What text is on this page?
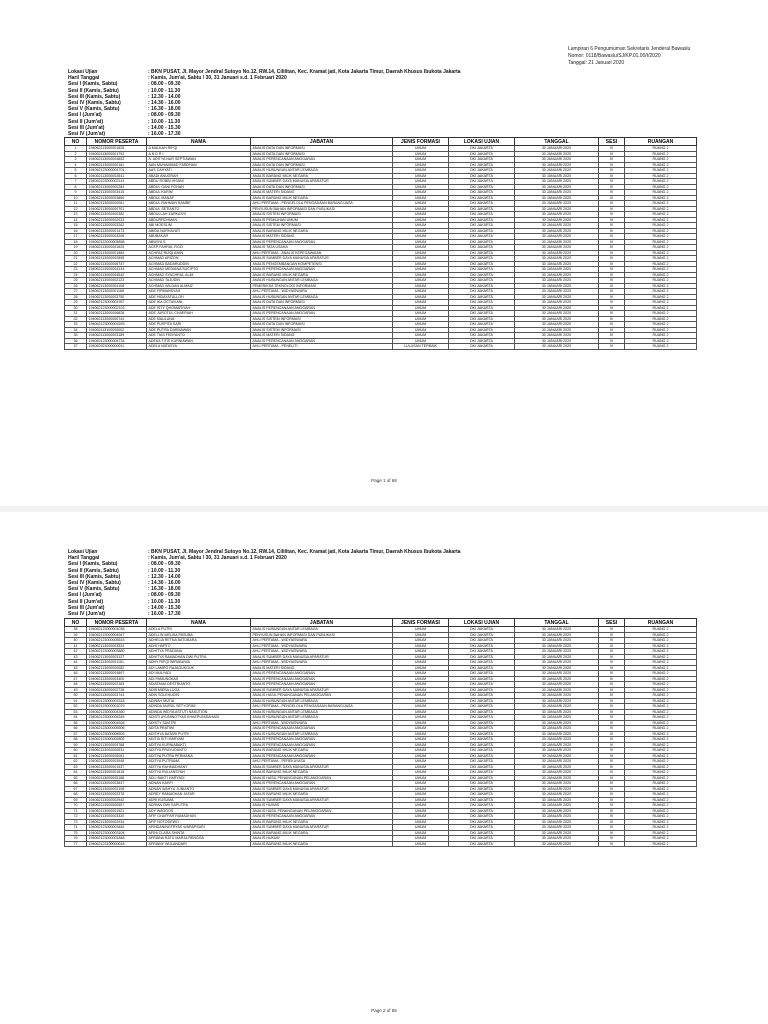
Lampiran 6 Pengumuman Sekretaris Jenderal Bawaslu
Nomor: 0118/Bawaslu/SJ/KP.01.00/I/2020
Tanggal: 21 Januari 2020
Lokasi Ujian	: BKN PUSAT, Jl. Mayor Jendral Sutoyo No.12, RW.14, Cililitan, Kec. Kramat jati, Kota Jakarta Timur, Daerah Khusus Ibukota Jakarta
Hari/ Tanggal	: Kamis, Jum'at, Sabtu / 30, 31 Januari s.d. 1 Februari 2020
Sesi I (Kamis, Sabtu)	: 08.00 - 09.30
Sesi II (Kamis, Sabtu)	: 10.00 - 11.30
Sesi III (Kamis, Sabtu)	: 12.30 - 14.00
Sesi IV (Kamis, Sabtu)	: 14.30 - 16.00
Sesi V (Kamis, Sabtu)	: 16.30 - 18.00
Sesi I (Jum'at)	: 08.00 - 09.30
Sesi II (Jum'at)	: 10.00 - 11.30
Sesi III (Jum'at)	: 14.00 - 15.30
Sesi IV (Jum'at)	: 16.00 - 17.30
NO	NOMOR PESERTA	NAMA	JABATAN	JENIS FORMASI	LOKASI UJIAN	TANGGAL	SESI	RUANGAN
1	194062113000001826	A MAULAH RIFQI	ANALIS DATA DAN INFORMASI	UMUM	DKI JAKARTA	30 JANUARI 2020	IV	RUANG 2
2	194062113000001792	A N D R I	ANALIS DATA DAN INFORMASI	UMUM	DKI JAKARTA	30 JANUARI 2020	IV	RUANG 2
3	194062113000004853	A. ADITYA NUR SEPTIAWAN	ANALIS PERENCANAAN ANGGARAN	UMUM	DKI JAKARTA	30 JANUARI 2020	IV	RUANG 2
4	194062113000000181	AAN MUHAMMAD FARDHAN	ANALIS DATA DAN INFORMASI	UMUM	DKI JAKARTA	30 JANUARI 2020	IV	RUANG 2
5	194062123000001701	AAS CAHYATI	ANALIS HUBUNGAN ANTAR LEMBAGA	UMUM	DKI JAKARTA	30 JANUARI 2020	IV	RUANG 2
6	194062113000002841	ABADI ANUGRAH	ANALIS BARANG MILIK NEGARA	UMUM	DKI JAKARTA	30 JANUARI 2020	IV	RUANG 2
7	194062123000002141	ABDU ROBBI IHSANI	ANALIS SUMBER DAYA MANUSIA APARATUR	UMUM	DKI JAKARTA	30 JANUARI 2020	IV	RUANG 2
8	194062113000000284	ABDUL GANI FOHAN	ANALIS DATA DAN INFORMASI	UMUM	DKI JAKARTA	30 JANUARI 2020	IV	RUANG 2
9	194062113000003415	ABDUL KARIM	ANALIS MATERI SIDANG	UMUM	DKI JAKARTA	30 JANUARI 2020	IV	RUANG 2
10	194062113000003869	ABDUL MANAF	ANALIS BARANG MILIK NEGARA	UMUM	DKI JAKARTA	30 JANUARI 2020	IV	RUANG 2
11	194062113000000061	ABDUL RAHMAN RAMBE	AHLI PERTAMA - PENGELOLA PENGADAAN BARANG/JASA	UMUM	DKI JAKARTA	30 JANUARI 2020	IV	RUANG 2
12	194062113000000701	ABDUL SETIANTO	PENYUSUN BAHAN INFORMASI DAN PUBLIKASI	UMUM	DKI JAKARTA	30 JANUARI 2020	IV	RUANG 2
13	194062113000000382	ABDULLAH ZARKASYI	ANALIS SISTEM INFORMASI	UMUM	DKI JAKARTA	30 JANUARI 2020	IV	RUANG 2
14	194062113000002023	ABDURROHMAN	ANALIS PEMILIHAN UMUM	UMUM	DKI JAKARTA	30 JANUARI 2020	IV	RUANG 2
15	194062113000003262	ABI MOESLIM	ANALIS SISTEM INFORMASI	UMUM	DKI JAKARTA	30 JANUARI 2020	IV	RUANG 2
16	194062113000001473	ABIDA NURHAYATI	ANALIS BARANG MILIK NEGARA	UMUM	DKI JAKARTA	30 JANUARI 2020	IV	RUANG 2
17	194062113000003208	ABUBAKAR	ANALIS MATERI SIDANG	UMUM	DKI JAKARTA	30 JANUARI 2020	IV	RUANG 2
18	194062123000005858	ABWIYA S	ANALIS PERENCANAAN ANGGARAN	UMUM	DKI JAKARTA	30 JANUARI 2020	IV	RUANG 2
19	194062113000001625	ACEP FAHRUL ROZI	ANALIS TATA USAHA	UMUM	DKI JAKARTA	30 JANUARI 2020	IV	RUANG 2
20	194062113000001884	ACHFAZ RIZQI AMIN	AHLI PERTAMA - ANALIS KEPEGAWAIAN	UMUM	DKI JAKARTA	30 JANUARI 2020	IV	RUANG 2
21	194062113000002895	ACHMAD ARIZON	ANALIS SUMBER DAYA MANUSIA APARATUR	UMUM	DKI JAKARTA	30 JANUARI 2020	IV	RUANG 2
22	194062113000006747	ACHMAD BADARUDDIN	ANALIS PENGEMBANGAN KOMPETENSI	UMUM	DKI JAKARTA	30 JANUARI 2020	IV	RUANG 2
23	194062113000004134	ACHMAD MEDIANA SUCIPTO	ANALIS PERENCANAAN ANGGARAN	UMUM	DKI JAKARTA	30 JANUARI 2020	IV	RUANG 2
24	194062113000004542	ACHMAD SYACHRUL ALIM	ANALIS BARANG MILIK NEGARA	UMUM	DKI JAKARTA	30 JANUARI 2020	IV	RUANG 2
25	194062113000002123	ACHMAD TAJUDIN	ANALIS HUBUNGAN ANTAR LEMBAGA	UMUM	DKI JAKARTA	30 JANUARI 2020	IV	RUANG 2
26	194062113000004108	ACHMAD WILDAN ALMAIZ	PEMERIKSA TEKNOLOGI INFORMASI	UMUM	DKI JAKARTA	30 JANUARI 2020	IV	RUANG 2
27	194062113000001168	ADE FIRMANSYAH	AHLI PERTAMA - WIDYAISWARA	UMUM	DKI JAKARTA	30 JANUARI 2020	IV	RUANG 2
28	194062113000003750	ADE HIDAYATULLOH	ANALIS HUBUNGAN ANTAR LEMBAGA	UMUM	DKI JAKARTA	30 JANUARI 2020	IV	RUANG 2
29	194062123000001957	ADE IKA OCTAVIANI	ANALIS DATA DAN INFORMASI	UMUM	DKI JAKARTA	30 JANUARI 2020	IV	RUANG 2
30	194062123000002103	ADE ISTY QHOMARIYAH	ANALIS PERENCANAAN ANGGARAN	UMUM	DKI JAKARTA	30 JANUARI 2020	IV	RUANG 2
31	194062113000006828	ADE JUROTUL CHAERIAH	ANALIS PERENCANAAN ANGGARAN	UMUM	DKI JAKARTA	30 JANUARI 2020	IV	RUANG 2
32	194062113000000744	ADE MAULANA	ANALIS SISTEM INFORMASI	UMUM	DKI JAKARTA	30 JANUARI 2020	IV	RUANG 2
33	194062123000001693	ADE PUSPITA SARI	ANALIS DATA DAN INFORMASI	UMUM	DKI JAKARTA	30 JANUARI 2020	IV	RUANG 2
34	194062113100000002	ADE PUTRA DARMAWAN	ANALIS SISTEM INFORMASI	UMUM	DKI JAKARTA	30 JANUARI 2020	IV	RUANG 2
35	194062113000003189	ADE TIAS FEBYANTO	ANALIS MATERI SIDANG	UMUM	DKI JAKARTA	30 JANUARI 2020	IV	RUANG 2
36	194062123000004734	ADEKA TITIS KURNIAWAN	ANALIS PERENCANAAN ANGGARAN	UMUM	DKI JAKARTA	30 JANUARI 2020	IV	RUANG 2
37	194062923000000011	ADELA NATASYA	AHLI PERTAMA - PENELITI	LULUSAN TERBAIK	DKI JAKARTA	30 JANUARI 2020	IV	RUANG 2
Page 1 of 68
Lokasi Ujian	: BKN PUSAT, Jl. Mayor Jendral Sutoyo No.12, RW.14, Cililitan, Kec. Kramat jati, Kota Jakarta Timur, Daerah Khusus Ibukota Jakarta
Hari/ Tanggal	: Kamis, Jum'at, Sabtu / 30, 31 Januari s.d. 1 Februari 2020
Sesi I (Kamis, Sabtu)	: 08.00 - 09.30
Sesi II (Kamis, Sabtu)	: 10.00 - 11.30
Sesi III (Kamis, Sabtu)	: 12.30 - 14.00
Sesi IV (Kamis, Sabtu)	: 14.30 - 16.00
Sesi V (Kamis, Sabtu)	: 16.30 - 18.00
Sesi I (Jum'at)	: 08.00 - 09.30
Sesi II (Jum'at)	: 10.00 - 11.30
Sesi III (Jum'at)	: 14.00 - 15.30
Sesi IV (Jum'at)	: 16.00 - 17.30
NO	NOMOR PESERTA	NAMA	JABATAN	JENIS FORMASI	LOKASI UJIAN	TANGGAL	SESI	RUANGAN
38	194062123000004038	ADELA PUTRI	ANALIS HUBUNGAN ANTAR LEMBAGA	UMUM	DKI JAKARTA	30 JANUARI 2020	IV	RUANG 2
39	194062123000004947	ADELLIN MELISA PASUBA	PENYUSUN BAHAN INFORMASI DAN PUBLIKASI	UMUM	DKI JAKARTA	30 JANUARI 2020	IV	RUANG 2
40	194062123000005515	ADHELIA RETNA BATUBARA	AHLI PERTAMA - WIDYAISWARA	UMUM	DKI JAKARTA	30 JANUARI 2020	IV	RUANG 2
41	194062113000003324	ADHI HARTO	AHLI PERTAMA - WIDYAISWARA	UMUM	DKI JAKARTA	30 JANUARI 2020	IV	RUANG 2
42	194062123000003880	ADHITYA PRADANA	AHLI PERTAMA - WIDYAISWARA	UMUM	DKI JAKARTA	30 JANUARI 2020	IV	RUANG 2
43	194062113000003127	ADHITYA RAMADHAN DWI PUTRA	ANALIS SUMBER DAYA MANUSIA APARATUR	UMUM	DKI JAKARTA	30 JANUARI 2020	IV	RUANG 2
44	194062113000001161	ADHY RIFQI WIRABUWA	AHLI PERTAMA - WIDYAISWARA	UMUM	DKI JAKARTA	30 JANUARI 2020	IV	RUANG 2
45	194062113000000082	ADI LAMRO RAJAGUKGUK	ANALIS MATERI SIDANG	UMUM	DKI JAKARTA	30 JANUARI 2020	IV	RUANG 2
46	194062113000004897	ADI MULYADI	ANALIS PERENCANAAN ANGGARAN	UMUM	DKI JAKARTA	30 JANUARI 2020	IV	RUANG 2
47	194062113000003400	ADI PAMUNGKAS	ANALIS PERENCANAAN ANGGARAN	UMUM	DKI JAKARTA	30 JANUARI 2020	IV	RUANG 2
48	194062113000002183	ADIATAMA DESTRIANTO	ANALIS PERENCANAAN ANGGARAN	UMUM	DKI JAKARTA	30 JANUARI 2020	IV	RUANG 2
49	194062113000002728	ADIB MIEBA LUGA	ANALIS SUMBER DAYA MANUSIA APARATUR	UMUM	DKI JAKARTA	30 JANUARI 2020	IV	RUANG 2
50	194062113000003744	ADIN SOLEHUDIN	ANALIS HASIL PENANGANAN PELANGGARAN	UMUM	DKI JAKARTA	30 JANUARI 2020	IV	RUANG 2
51	194062123000003318	ADINAH MUTIA	ANALIS HUBUNGAN ANTAR LEMBAGA	UMUM	DKI JAKARTA	30 JANUARI 2020	IV	RUANG 2
52	194062123000001079	ADINDA NURUL SETYORINI	AHLI PERTAMA - PENGELOLA PENGADAAN BARANG/JASA	UMUM	DKI JAKARTA	30 JANUARI 2020	IV	RUANG 2
53	194062123000004360	ADINDA WIDYA ASTUTI NASUTION	ANALIS HUBUNGAN ANTAR LEMBAGA	UMUM	DKI JAKARTA	30 JANUARI 2020	IV	RUANG 2
54	194062123000006345	ADISTI AYUNINGTYAS KHAERUNISAHADI	ANALIS HUBUNGAN ANTAR LEMBAGA	UMUM	DKI JAKARTA	30 JANUARI 2020	IV	RUANG 2
55	194062123000004528	ADISTY SAVITRI	AHLI PERTAMA - WIDYAISWARA	UMUM	DKI JAKARTA	30 JANUARI 2020	IV	RUANG 2
56	194062123000005506	ADITA PRATIWI	ANALIS PERENCANAAN ANGGARAN	UMUM	DKI JAKARTA	30 JANUARI 2020	IV	RUANG 2
57	194062123000006505	ADITHYA BATARI PUTRI	ANALIS HUBUNGAN ANTAR LEMBAGA	UMUM	DKI JAKARTA	30 JANUARI 2020	IV	RUANG 2
58	194062123000002802	ADITIA SITI MARYAM	ANALIS PERENCANAAN ANGGARAN	UMUM	DKI JAKARTA	30 JANUARI 2020	IV	RUANG 2
59	194062113000004788	ADITYA KURNIABAKTI	ANALIS PERENCANAAN ANGGARAN	UMUM	DKI JAKARTA	30 JANUARI 2020	IV	RUANG 2
60	194062113000000531	ADITYA PRAYUDANTO	ANALIS BARANG MILIK NEGARA	UMUM	DKI JAKARTA	30 JANUARI 2020	IV	RUANG 2
61	194062113000005061	ADITYA PUTRA PERMANA	ANALIS PERENCANAAN ANGGARAN	UMUM	DKI JAKARTA	30 JANUARI 2020	IV	RUANG 2
62	194062113000003948	ADITYA PUTRAMA	AHLI PERTAMA - PEREKAYASA	UMUM	DKI JAKARTA	30 JANUARI 2020	IV	RUANG 2
63	194062113000001537	ADITYA RAHMADHANY	ANALIS SUMBER DAYA MANUSIA APARATUR	UMUM	DKI JAKARTA	30 JANUARI 2020	IV	RUANG 2
64	194062113000001818	ADITYA RULIANSYAH	ANALIS BARANG MILIK NEGARA	UMUM	DKI JAKARTA	30 JANUARI 2020	IV	RUANG 2
65	194062113000005188	ADLI BAKTI HARYADI	ANALIS HASIL PENANGANAN PELANGGARAN	UMUM	DKI JAKARTA	30 JANUARI 2020	IV	RUANG 2
66	194062113000003847	ADNAN KAHFI	ANALIS PERENCANAAN ANGGARAN	UMUM	DKI JAKARTA	30 JANUARI 2020	IV	RUANG 2
67	194062113000002108	ADNAN WAHYU JUNIANTO	ANALIS SUMBER DAYA MANUSIA APARATUR	UMUM	DKI JAKARTA	30 JANUARI 2020	IV	RUANG 2
68	194062113000002378	ADREY RAMADHAN JAFAR	ANALIS BARANG MILIK NEGARA	UMUM	DKI JAKARTA	30 JANUARI 2020	IV	RUANG 2
69	194062113000002942	ADRI KUSUMA	ANALIS SUMBER DAYA MANUSIA APARATUR	UMUM	DKI JAKARTA	30 JANUARI 2020	IV	RUANG 2
70	194062113000000557	ADRIAN DWI SAPUTRA	ANALIS HUMAS	UMUM	DKI JAKARTA	30 JANUARI 2020	IV	RUANG 2
71	194062113000001921	ADY WAGGOS	ANALIS HASIL PENANGANAN PELANGGARAN	UMUM	DKI JAKARTA	30 JANUARI 2020	IV	RUANG 2
72	194062113000003320	AFIF GHAFFAR RAMADHAN	ANALIS PERENCANAAN ANGGARAN	UMUM	DKI JAKARTA	30 JANUARI 2020	IV	RUANG 2
73	194062113000002934	AFIF NOTODEWO	ANALIS BARANG MILIK NEGARA	UMUM	DKI JAKARTA	30 JANUARI 2020	IV	RUANG 2
74	194062123000003481	AFINDANINGTRYAS WARAPSARI	ANALIS SUMBER DAYA MANUSIA APARATUR	UMUM	DKI JAKARTA	30 JANUARI 2020	IV	RUANG 2
75	194062123000003104	AFINI CLARA SHINTA	ANALIS BARANG MILIK NEGARA	UMUM	DKI JAKARTA	30 JANUARI 2020	IV	RUANG 2
76	194062123000001848	AFRIANA RATU MARJA RENGGA	ANALIS HUKUM	UMUM	DKI JAKARTA	30 JANUARI 2020	IV	RUANG 2
77	194062123100000018	AFRIANY WULANDARI	ANALIS BARANG MILIK NEGARA	UMUM	DKI JAKARTA	30 JANUARI 2020	IV	RUANG 2
Page 2 of 68
